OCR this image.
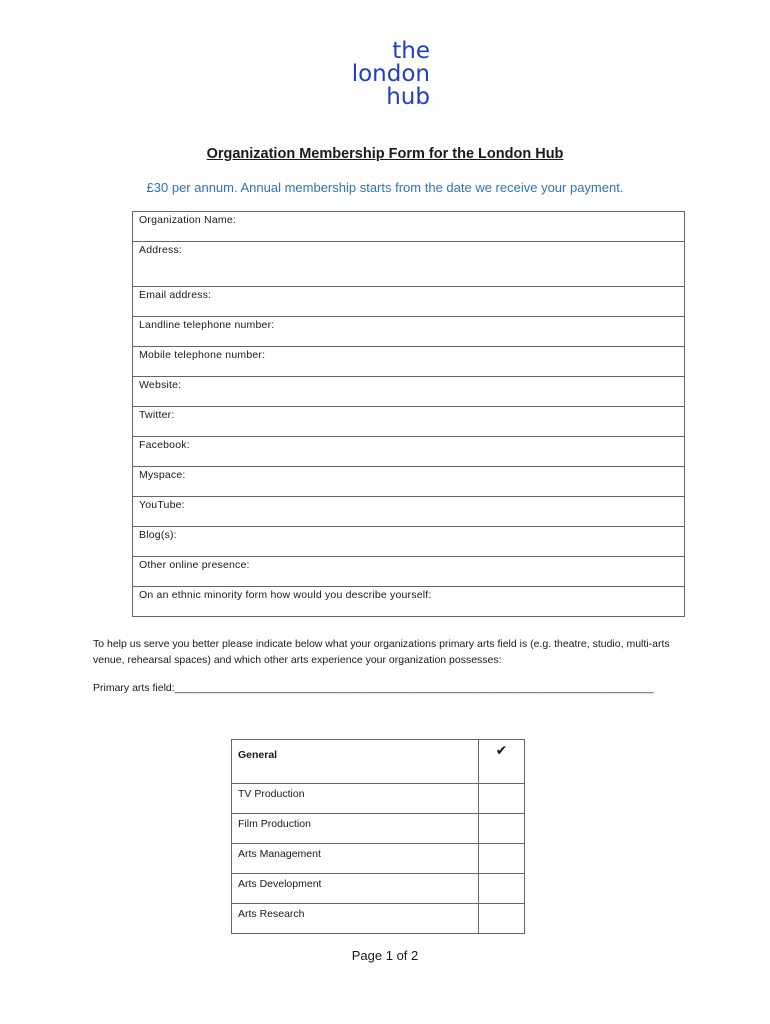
the
london
hub
Organization Membership Form for the London Hub
£30 per annum. Annual membership starts from the date we receive your payment.
Organization Name:
Address:
Email address:
Landline telephone number:
Mobile telephone number:
Website:
Twitter:
Facebook:
Myspace:
YouTube:
Blog(s):
Other online presence:
On an ethnic minority form how would you describe yourself:
To help us serve you better please indicate below what your organizations primary arts field is (e.g. theatre, studio, multi-arts venue, rehearsal spaces) and which other arts experience your organization possesses:
Primary arts field:__________________________________________________________________________________
General	✔
TV Production	
Film Production	
Arts Management	
Arts Development	
Arts Research	
Page 1 of 2
